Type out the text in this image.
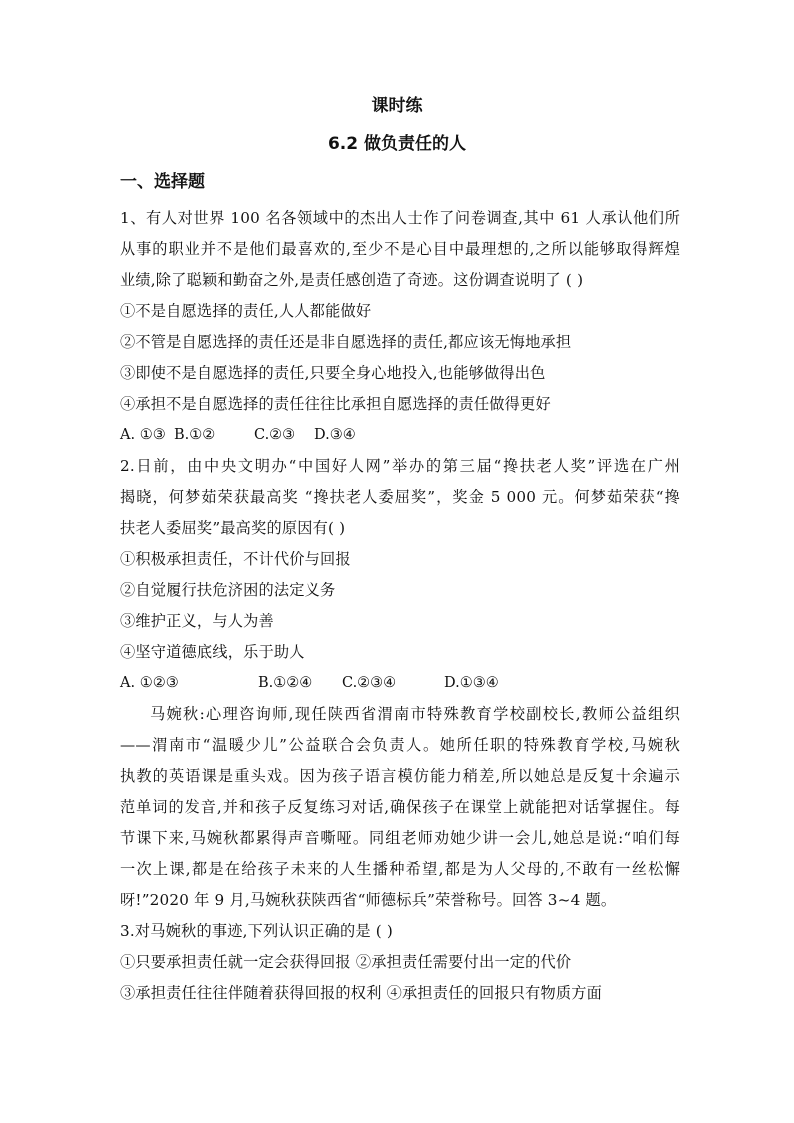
课时练
6.2 做负责任的人
一、选择题
1、有人对世界 100 名各领域中的杰出人士作了问卷调查,其中 61 人承认他们所
从事的职业并不是他们最喜欢的,至少不是心目中最理想的,之所以能够取得辉煌
业绩,除了聪颖和勤奋之外,是责任感创造了奇迹。这份调查说明了 ( )
①不是自愿选择的责任,人人都能做好
②不管是自愿选择的责任还是非自愿选择的责任,都应该无悔地承担
③即使不是自愿选择的责任,只要全身心地投入,也能够做得出色
④承担不是自愿选择的责任往往比承担自愿选择的责任做得更好

A. ①③

B.①②

	C.②③

D.③④

2.日前，由中央文明办“中国好人网”举办的第三届“搀扶老人奖”评选在广州
揭晓，何梦茹荣获最高奖 “搀扶老人委屈奖”，奖金 5 000 元。何梦茹荣获“搀
扶老人委屈奖”最高奖的原因有( )
①积极承担责任，不计代价与回报
②自觉履行扶危济困的法定义务
③维护正义，与人为善
④坚守道德底线，乐于助人

A. ①②③

	B.①②④

C.②③④

	D.①③④

马婉秋:心理咨询师,现任陕西省渭南市特殊教育学校副校长,教师公益组织
——渭南市“温暖少儿”公益联合会负责人。她所任职的特殊教育学校,马婉秋
执教的英语课是重头戏。因为孩子语言模仿能力稍差,所以她总是反复十余遍示
范单词的发音,并和孩子反复练习对话,确保孩子在课堂上就能把对话掌握住。每
节课下来,马婉秋都累得声音嘶哑。同组老师劝她少讲一会儿,她总是说:“咱们每
一次上课,都是在给孩子未来的人生播种希望,都是为人父母的,不敢有一丝松懈
呀!”2020 年 9 月,马婉秋获陕西省“师德标兵”荣誉称号。回答 3~4 题。
3.对马婉秋的事迹,下列认识正确的是 ( )
①只要承担责任就一定会获得回报 ②承担责任需要付出一定的代价
③承担责任往往伴随着获得回报的权利 ④承担责任的回报只有物质方面
